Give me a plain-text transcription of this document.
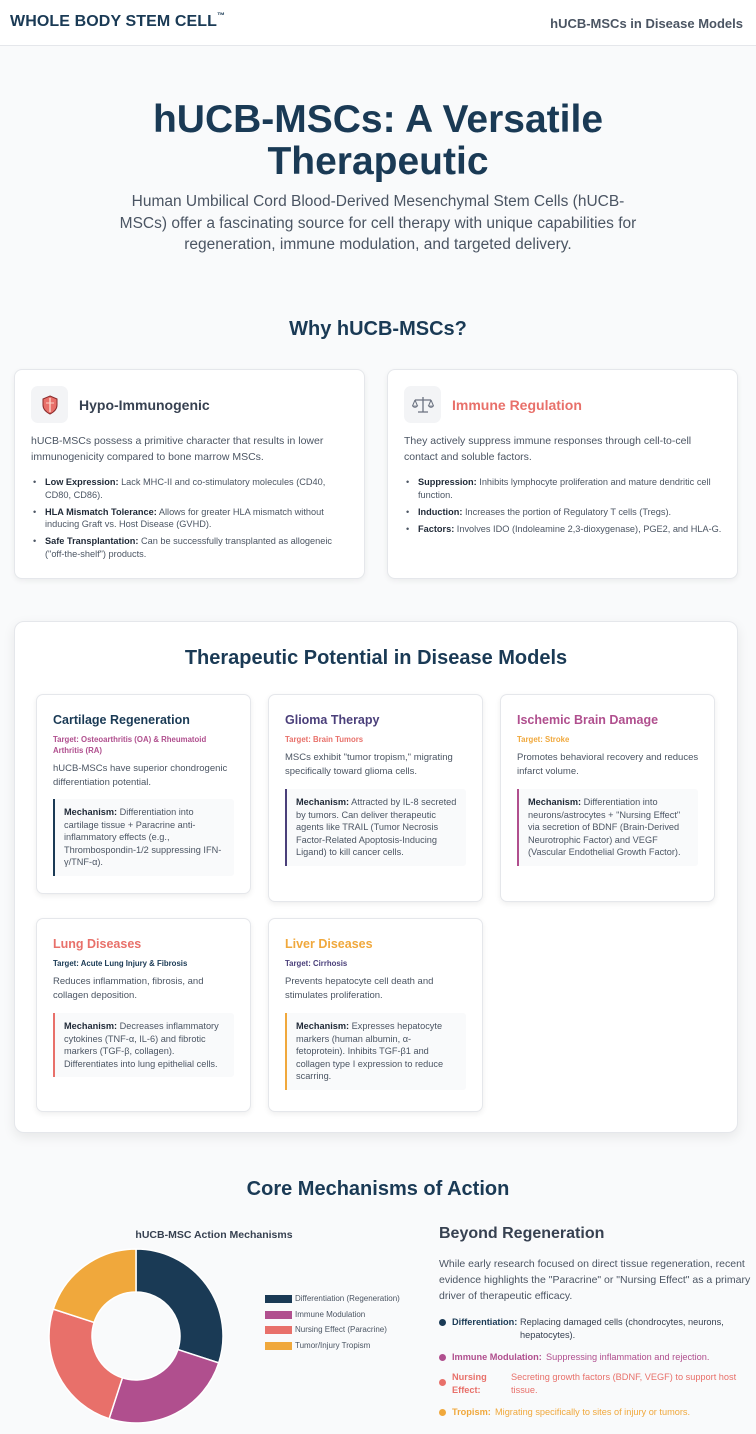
WHOLE BODY STEM CELL™
hUCB-MSCs in Disease Models
hUCB-MSCs: A Versatile Therapeutic

Human Umbilical Cord Blood-Derived Mesenchymal Stem Cells (hUCB-MSCs) offer a fascinating source for cell therapy with unique capabilities for regeneration, immune modulation, and targeted delivery.

Why hUCB-MSCs?
Hypo-Immunogenic

hUCB-MSCs possess a primitive character that results in lower immunogenicity compared to bone marrow MSCs.

• Low Expression: Lack MHC-II and co-stimulatory molecules (CD40, CD80, CD86).
• HLA Mismatch Tolerance: Allows for greater HLA mismatch without inducing Graft vs. Host Disease (GVHD).
• Safe Transplantation: Can be successfully transplanted as allogeneic ("off-the-shelf") products.
Immune Regulation

They actively suppress immune responses through cell-to-cell contact and soluble factors.

• Suppression: Inhibits lymphocyte proliferation and mature dendritic cell function.
• Induction: Increases the portion of Regulatory T cells (Tregs).
• Factors: Involves IDO (Indoleamine 2,3-dioxygenase), PGE2, and HLA-G.
Therapeutic Potential in Disease Models
Cartilage Regeneration
Target: Osteoarthritis (OA) & Rheumatoid Arthritis (RA)
hUCB-MSCs have superior chondrogenic differentiation potential.
Mechanism: Differentiation into cartilage tissue + Paracrine anti-inflammatory effects (e.g., Thrombospondin-1/2 suppressing IFN-γ/TNF-α).
Glioma Therapy
Target: Brain Tumors
MSCs exhibit "tumor tropism," migrating specifically toward glioma cells.
Mechanism: Attracted by IL-8 secreted by tumors. Can deliver therapeutic agents like TRAIL (Tumor Necrosis Factor-Related Apoptosis-Inducing Ligand) to kill cancer cells.
Ischemic Brain Damage
Target: Stroke
Promotes behavioral recovery and reduces infarct volume.
Mechanism: Differentiation into neurons/astrocytes + "Nursing Effect" via secretion of BDNF (Brain-Derived Neurotrophic Factor) and VEGF (Vascular Endothelial Growth Factor).
Lung Diseases
Target: Acute Lung Injury & Fibrosis
Reduces inflammation, fibrosis, and collagen deposition.
Mechanism: Decreases inflammatory cytokines (TNF-α, IL-6) and fibrotic markers (TGF-β, collagen). Differentiates into lung epithelial cells.
Liver Diseases
Target: Cirrhosis
Prevents hepatocyte cell death and stimulates proliferation.
Mechanism: Expresses hepatocyte markers (human albumin, α-fetoprotein). Inhibits TGF-β1 and collagen type I expression to reduce scarring.
Core Mechanisms of Action
hUCB-MSC Action Mechanisms
Differentiation (Regeneration)
Immune Modulation
Nursing Effect (Paracrine)
Tumor/Injury Tropism
Beyond Regeneration

While early research focused on direct tissue regeneration, recent evidence highlights the "Paracrine" or "Nursing Effect" as a primary driver of therapeutic efficacy.

Differentiation: Replacing damaged cells (chondrocytes, neurons, hepatocytes).
Immune Modulation: Suppressing inflammation and rejection.
Nursing Effect:
Secreting growth factors (BDNF, VEGF) to support host tissue.
Tropism: Migrating specifically to sites of injury or tumors.
